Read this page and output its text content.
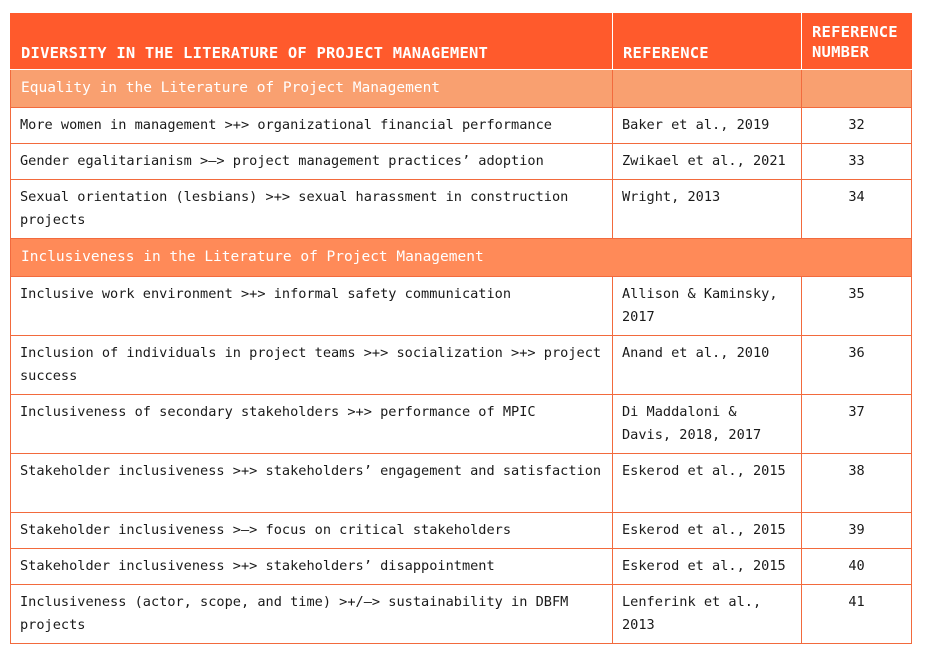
DIVERSITY IN THE LITERATURE OF PROJECT MANAGEMENT	REFERENCE	REFERENCE NUMBER
Equality in the Literature of Project Management		
More women in management >+> organizational financial performance	Baker et al., 2019	32
Gender egalitarianism >–> project management practices’ adoption	Zwikael et al., 2021	33
Sexual orientation (lesbians) >+> sexual harassment in construction projects	Wright, 2013	34
Inclusiveness in the Literature of Project Management		
Inclusive work environment >+> informal safety communication	Allison & Kaminsky, 2017	35
Inclusion of individuals in project teams >+> socialization >+> project success	Anand et al., 2010	36
Inclusiveness of secondary stakeholders >+> performance of MPIC	Di Maddaloni & Davis, 2018, 2017	37
Stakeholder inclusiveness >+> stakeholders’ engagement and satisfaction	Eskerod et al., 2015	38
Stakeholder inclusiveness >–> focus on critical stakeholders	Eskerod et al., 2015	39
Stakeholder inclusiveness >+> stakeholders’ disappointment	Eskerod et al., 2015	40
Inclusiveness (actor, scope, and time) >+/–> sustainability in DBFM projects	Lenferink et al., 2013	41
